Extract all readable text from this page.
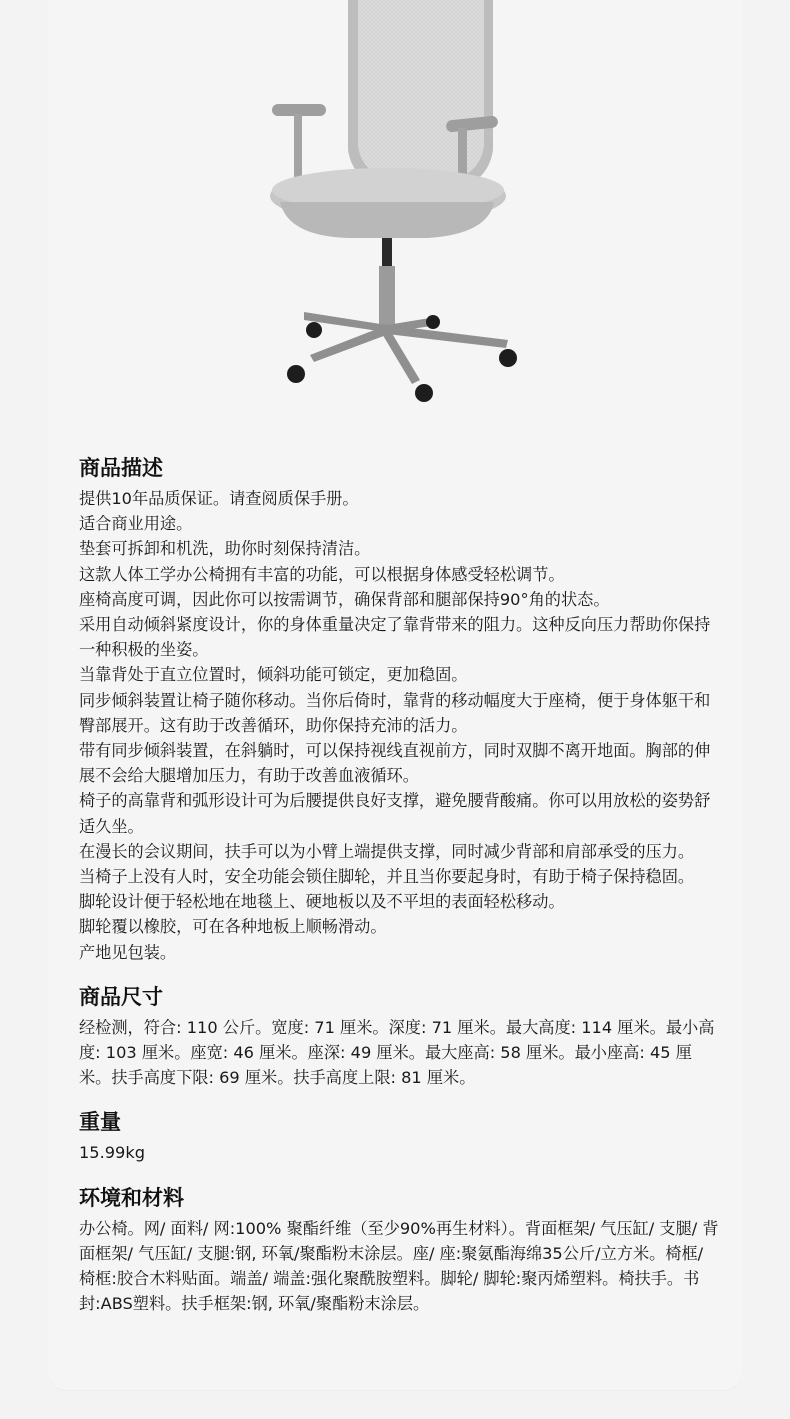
商品描述

提供10年品质保证。请查阅质保手册。

适合商业用途。

垫套可拆卸和机洗，助你时刻保持清洁。

这款人体工学办公椅拥有丰富的功能，可以根据身体感受轻松调节。

座椅高度可调，因此你可以按需调节，确保背部和腿部保持90°角的状态。

采用自动倾斜紧度设计，你的身体重量决定了靠背带来的阻力。这种反向压力帮助你保持一种积极的坐姿。

当靠背处于直立位置时，倾斜功能可锁定，更加稳固。

同步倾斜装置让椅子随你移动。当你后倚时，靠背的移动幅度大于座椅，便于身体躯干和臀部展开。这有助于改善循环，助你保持充沛的活力。

带有同步倾斜装置，在斜躺时，可以保持视线直视前方，同时双脚不离开地面。胸部的伸展不会给大腿增加压力，有助于改善血液循环。

椅子的高靠背和弧形设计可为后腰提供良好支撑，避免腰背酸痛。你可以用放松的姿势舒适久坐。

在漫长的会议期间，扶手可以为小臂上端提供支撑，同时减少背部和肩部承受的压力。

当椅子上没有人时，安全功能会锁住脚轮，并且当你要起身时，有助于椅子保持稳固。

脚轮设计便于轻松地在地毯上、硬地板以及不平坦的表面轻松移动。

脚轮覆以橡胶，可在各种地板上顺畅滑动。

产地见包装。

商品尺寸

经检测，符合: 110 公斤。宽度: 71 厘米。深度: 71 厘米。最大高度: 114 厘米。最小高度: 103 厘米。座宽: 46 厘米。座深: 49 厘米。最大座高: 58 厘米。最小座高: 45 厘米。扶手高度下限: 69 厘米。扶手高度上限: 81 厘米。

重量

15.99kg

环境和材料

办公椅。网/ 面料/ 网:100% 聚酯纤维（至少90%再生材料）。背面框架/ 气压缸/ 支腿/ 背面框架/ 气压缸/ 支腿:钢, 环氧/聚酯粉末涂层。座/ 座:聚氨酯海绵35公斤/立方米。椅框/ 椅框:胶合木料贴面。端盖/ 端盖:强化聚酰胺塑料。脚轮/ 脚轮:聚丙烯塑料。椅扶手。书封:ABS塑料。扶手框架:钢, 环氧/聚酯粉末涂层。
